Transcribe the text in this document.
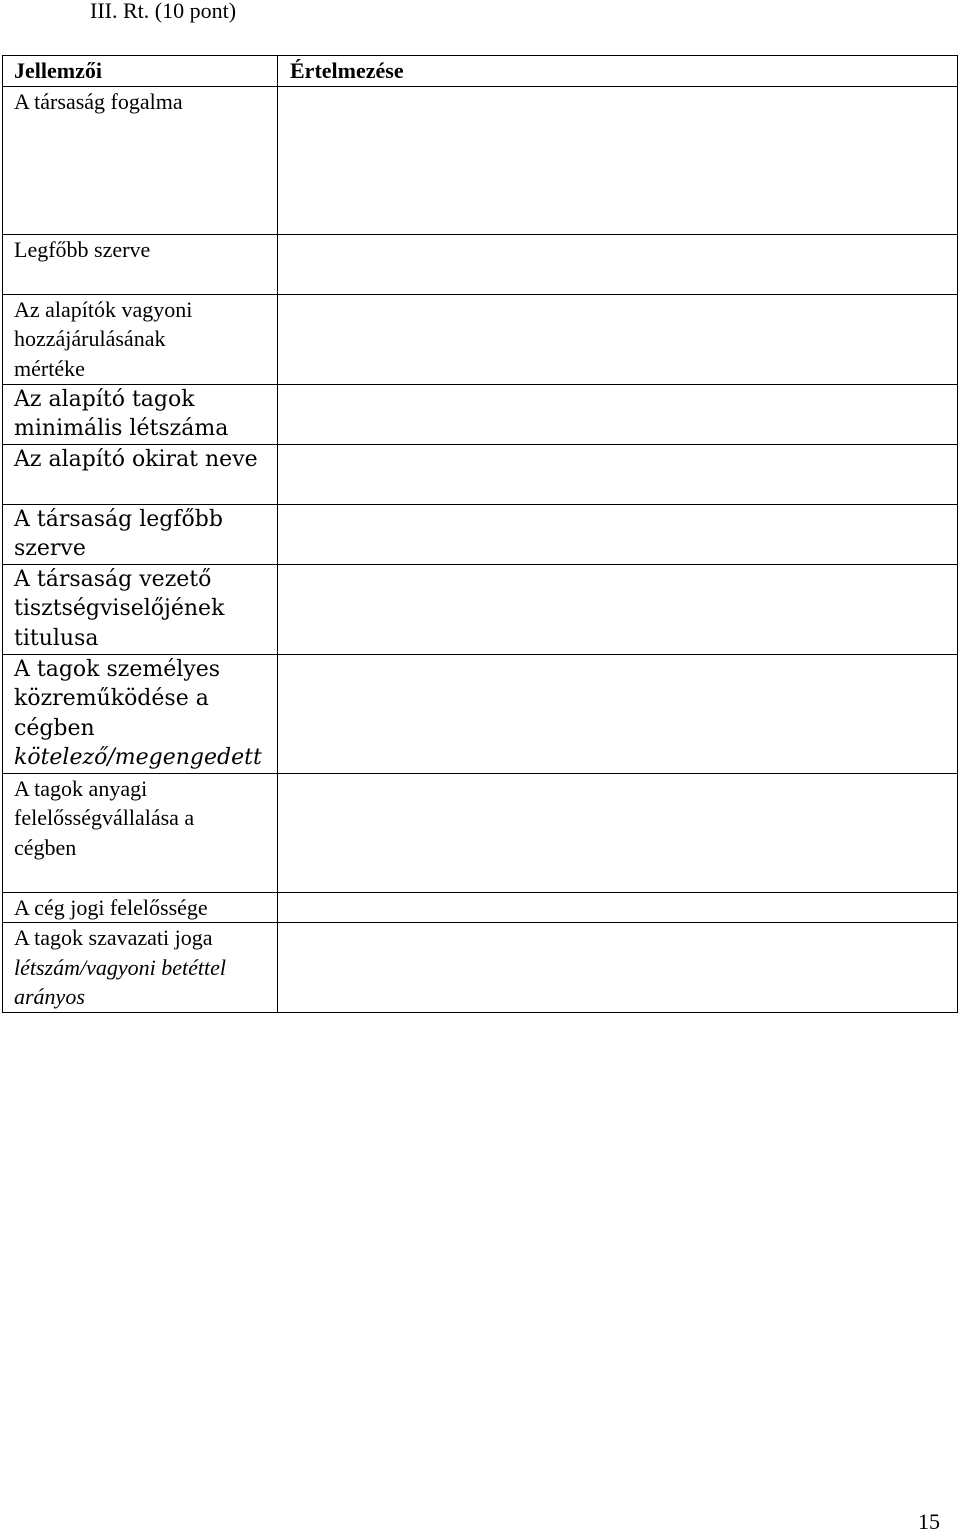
III. Rt. (10 pont)
Jellemzői	Értelmezése

A társaság fogalma	

Legfőbb szerve	

Az alapítók vagyoni
hozzájárulásának
mértéke	

Az alapító tagok
minimális létszáma	

Az alapító okirat neve	

A társaság legfőbb
szerve	

A társaság vezető
tisztségviselőjének
titulusa	

A tagok személyes
közreműködése a
cégben
kötelező/megengedett	

A tagok anyagi
felelősségvállalása a
cégben	

A cég jogi felelőssége	

A tagok szavazati joga
létszám/vagyoni betéttel
arányos	

15
